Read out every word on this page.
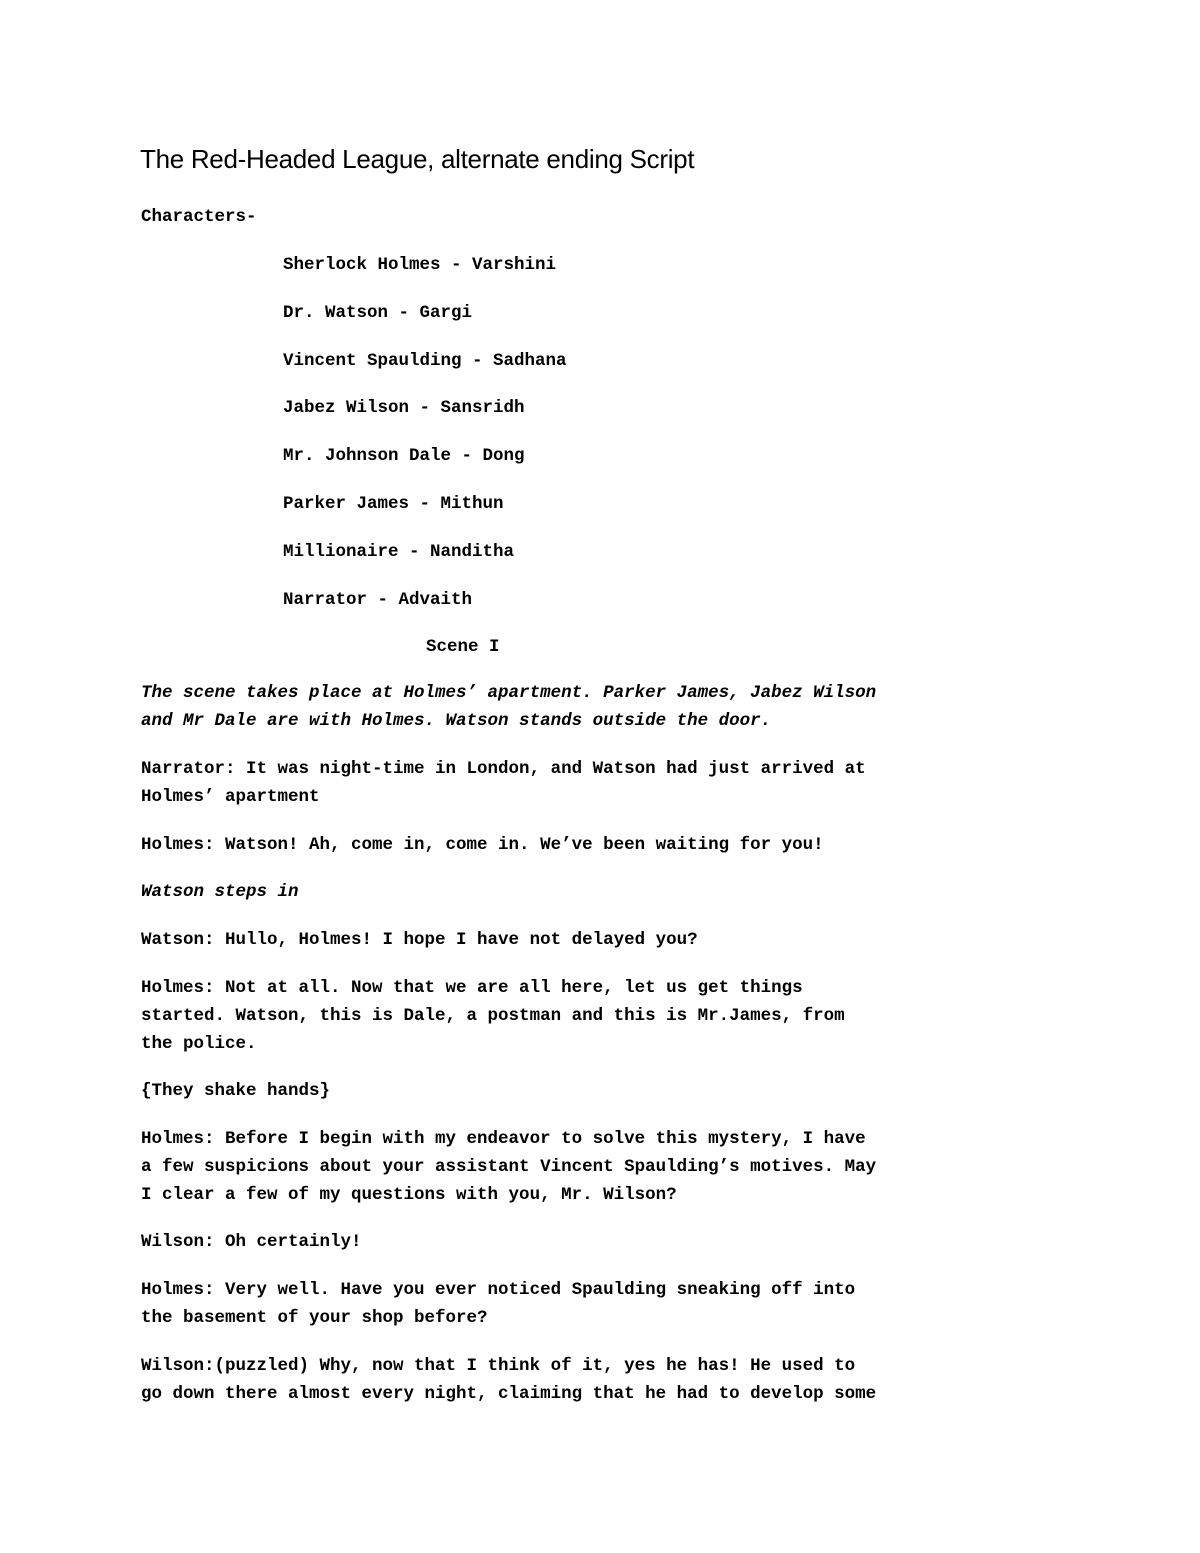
The Red-Headed League, alternate ending Script

Characters-

Sherlock Holmes - Varshini
Dr. Watson - Gargi
Vincent Spaulding - Sadhana
Jabez Wilson - Sansridh
Mr. Johnson Dale - Dong
Parker James - Mithun
Millionaire - Nanditha
Narrator - Advaith

Scene I

The scene takes place at Holmes’ apartment. Parker James, Jabez Wilson
and Mr Dale are with Holmes. Watson stands outside the door.

Narrator: It was night-time in London, and Watson had just arrived at
Holmes’ apartment

Holmes: Watson! Ah, come in, come in. We’ve been waiting for you!

Watson steps in

Watson: Hullo, Holmes! I hope I have not delayed you?

Holmes: Not at all. Now that we are all here, let us get things
started. Watson, this is Dale, a postman and this is Mr.James, from
the police.

{They shake hands}

Holmes: Before I begin with my endeavor to solve this mystery, I have
a few suspicions about your assistant Vincent Spaulding’s motives. May
I clear a few of my questions with you, Mr. Wilson?

Wilson: Oh certainly!

Holmes: Very well. Have you ever noticed Spaulding sneaking off into
the basement of your shop before?

Wilson:(puzzled) Why, now that I think of it, yes he has! He used to
go down there almost every night, claiming that he had to develop some
